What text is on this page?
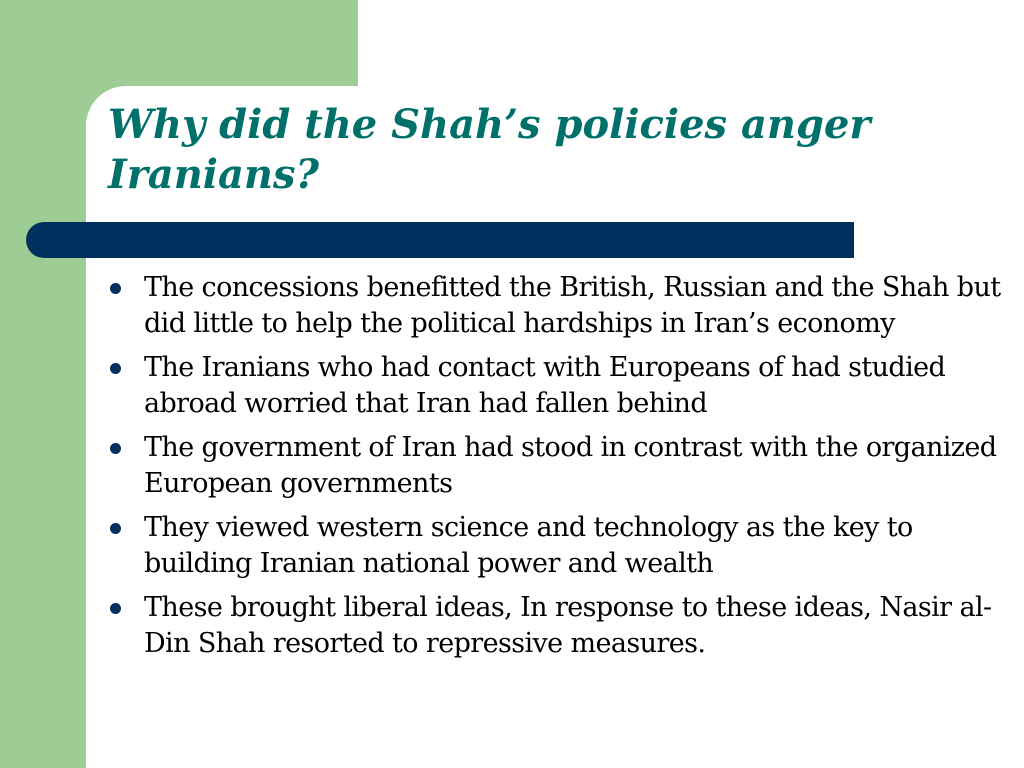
Why did the Shah’s policies anger Iranians?
The concessions benefitted the British, Russian and the Shah but did little to help the political hardships in Iran’s economy
The Iranians who had contact with Europeans of had studied abroad worried that Iran had fallen behind
The government of Iran had stood in contrast with the organized European governments
They viewed western science and technology as the key to building Iranian national power and wealth
These brought liberal ideas, In response to these ideas, Nasir al-Din Shah resorted to repressive measures.
